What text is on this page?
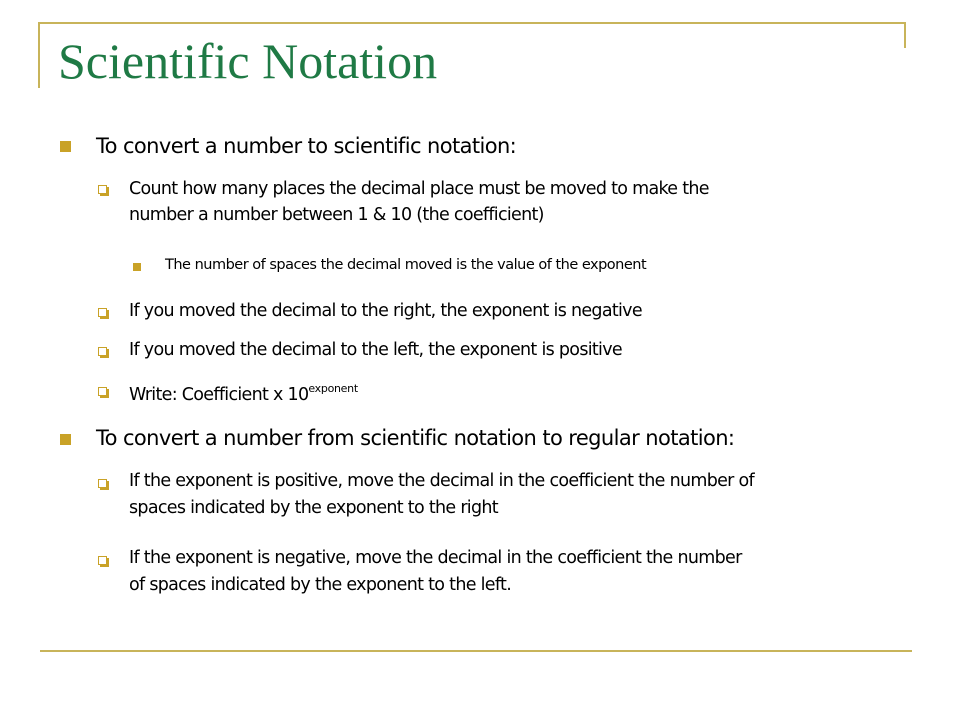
Scientific Notation
To convert a number to scientific notation:
Count how many places the decimal place must be moved to make the
number a number between 1 & 10 (the coefficient)
The number of spaces the decimal moved is the value of the exponent
If you moved the decimal to the right, the exponent is negative
If you moved the decimal to the left, the exponent is positive
Write: Coefficient x $10^{exponent}$
To convert a number from scientific notation to regular notation:
If the exponent is positive, move the decimal in the coefficient the number of
spaces indicated by the exponent to the right
If the exponent is negative, move the decimal in the coefficient the number
of spaces indicated by the exponent to the left.
